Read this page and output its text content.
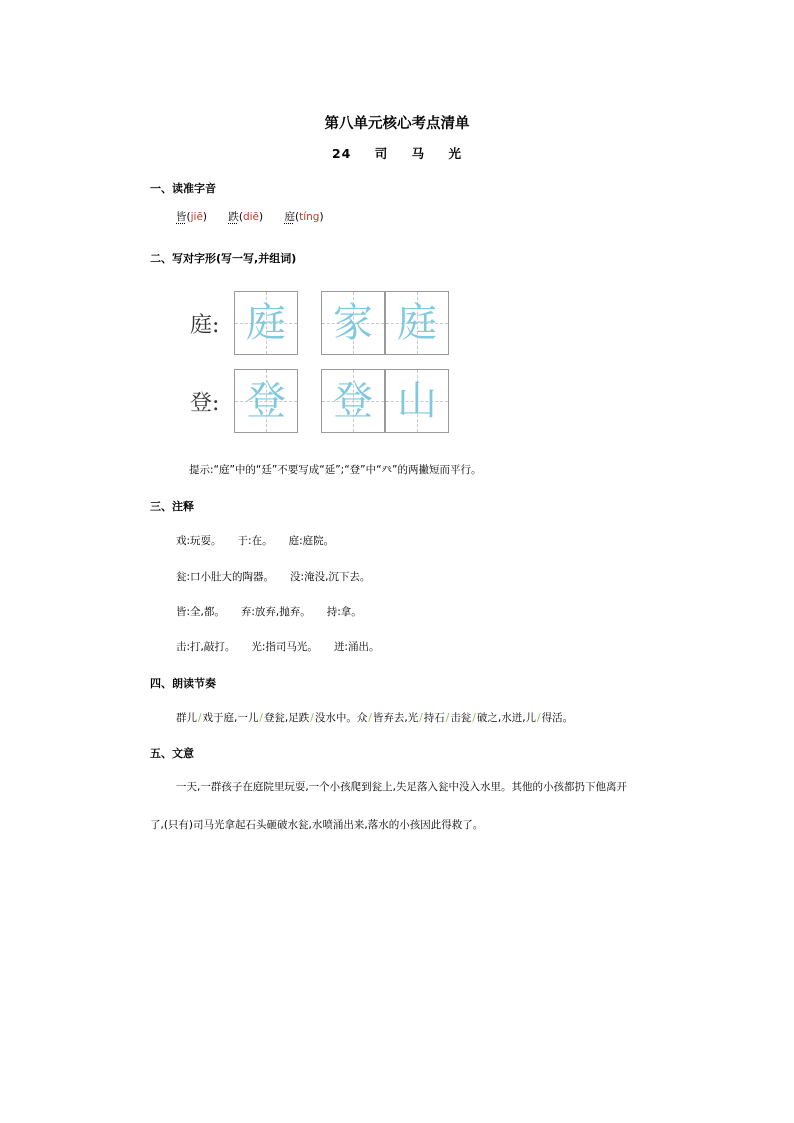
第八单元核心考点清单
24 司 马 光
一、读准字音
皆(jiē) 跌(diē) 庭(tíng)
二、写对字形(写一写,并组词)
庭: 庭 家 庭
登: 登 登 山
提示:“庭”中的“廷”不要写成“延”;“登”中“癶”的两撇短而平行。
三、注释
戏:玩耍。 于:在。 庭:庭院。
瓮:口小肚大的陶器。 没:淹没,沉下去。
皆:全,都。 弃:放弃,抛弃。 持:拿。
击:打,敲打。 光:指司马光。 迸:涌出。
四、朗读节奏
群儿/戏于庭,一儿/登瓮,足跌/没水中。众/皆弃去,光/持石/击瓮/破之,水迸,儿/得活。
五、文意
一天,一群孩子在庭院里玩耍,一个小孩爬到瓮上,失足落入瓮中没入水里。其他的小孩都扔下他离开了,(只有)司马光拿起石头砸破水瓮,水喷涌出来,落水的小孩因此得救了。
